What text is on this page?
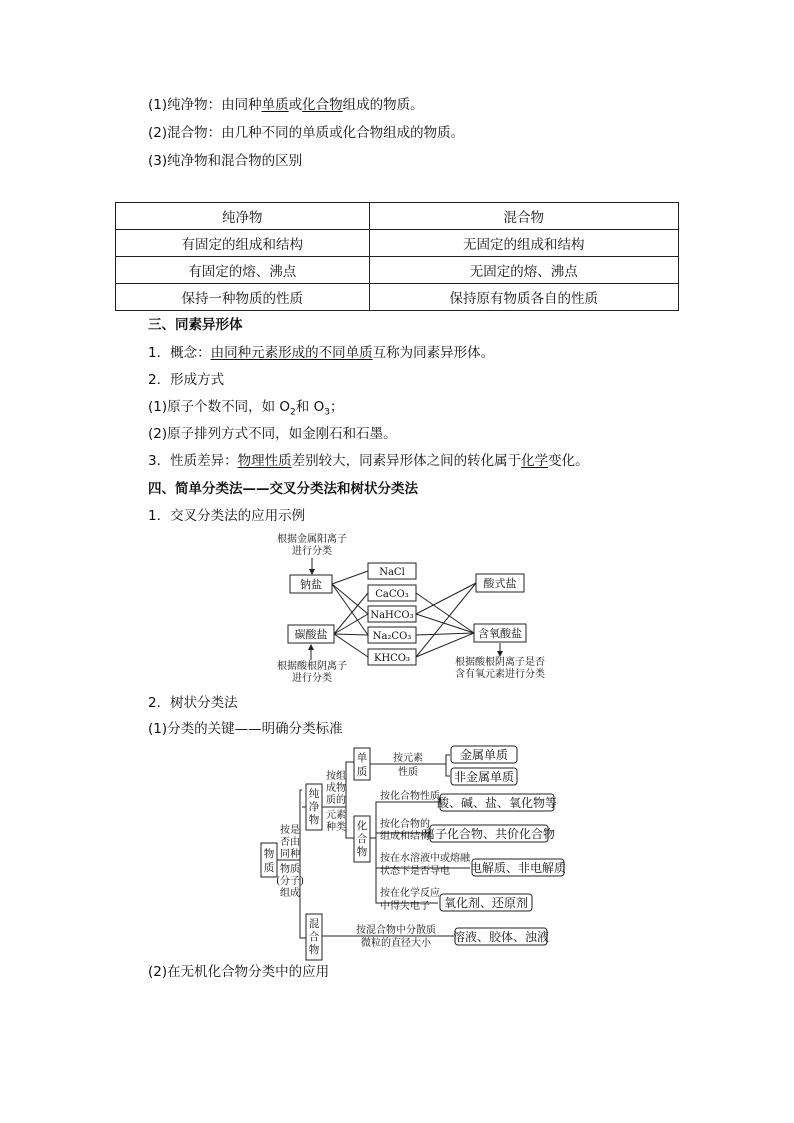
(1)纯净物：由同种单质或化合物组成的物质。
(2)混合物：由几种不同的单质或化合物组成的物质。
(3)纯净物和混合物的区别
纯净物	混合物
有固定的组成和结构	无固定的组成和结构
有固定的熔、沸点	无固定的熔、沸点
保持一种物质的性质	保持原有物质各自的性质
三、同素异形体
1．概念：由同种元素形成的不同单质互称为同素异形体。
2．形成方式
(1)原子个数不同，如 $O_2$和 $O_3$；
(2)原子排列方式不同，如金刚石和石墨。
3．性质差异：物理性质差别较大，同素异形体之间的转化属于化学变化。
四、简单分类法——交叉分类法和树状分类法
1．交叉分类法的应用示例
根据金属阳离子
进行分类
钠盐
碳酸盐
根据酸根阴离子
进行分类
NaCl
CaCO₃
NaHCO₃
Na₂CO₃
KHCO₃
酸式盐
含氧酸盐
根据酸根阴离子是否
含有氧元素进行分类
2．树状分类法
(1)分类的关键——明确分类标准
物
质
按是
否由
同种
物质
(分子)
组成
纯
净
物
按组
成物
质的
元素
种类
单
质
按元素
性质
金属单质
非金属单质
化
合
物
按化合物性质
酸、碱、盐、氧化物等
按化合物的
组成和结构
离子化合物、共价化合物
按在水溶液中或熔融
状态下是否导电 电解质、非电解质
按在化学反应
中得失电子 氧化剂、还原剂
混
合
物
按混合物中分散质
微粒的直径大小 溶液、胶体、浊液
(2)在无机化合物分类中的应用
